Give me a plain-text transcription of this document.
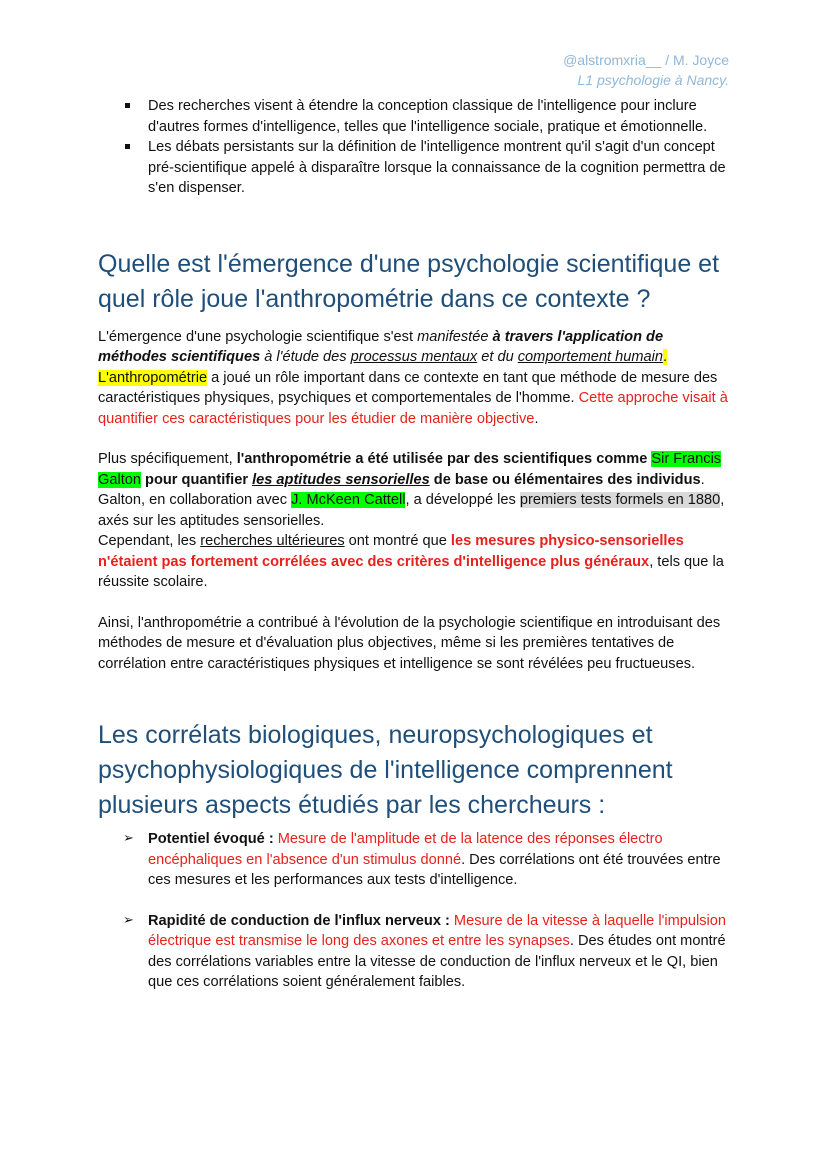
@alstromxria__ / M. Joyce
L1 psychologie à Nancy.
Des recherches visent à étendre la conception classique de l'intelligence pour inclure d'autres formes d'intelligence, telles que l'intelligence sociale, pratique et émotionnelle.
Les débats persistants sur la définition de l'intelligence montrent qu'il s'agit d'un concept pré-scientifique appelé à disparaître lorsque la connaissance de la cognition permettra de s'en dispenser.
Quelle est l'émergence d'une psychologie scientifique et quel rôle joue l'anthropométrie dans ce contexte ?

L'émergence d'une psychologie scientifique s'est manifestée à travers l'application de méthodes scientifiques à l'étude des processus mentaux et du comportement humain. L'anthropométrie a joué un rôle important dans ce contexte en tant que méthode de mesure des caractéristiques physiques, psychiques et comportementales de l'homme. Cette approche visait à quantifier ces caractéristiques pour les étudier de manière objective.

Plus spécifiquement, l'anthropométrie a été utilisée par des scientifiques comme Sir Francis Galton pour quantifier les aptitudes sensorielles de base ou élémentaires des individus. Galton, en collaboration avec J. McKeen Cattell, a développé les premiers tests formels en 1880, axés sur les aptitudes sensorielles.
Cependant, les recherches ultérieures ont montré que les mesures physico-sensorielles n'étaient pas fortement corrélées avec des critères d'intelligence plus généraux, tels que la réussite scolaire.

Ainsi, l'anthropométrie a contribué à l'évolution de la psychologie scientifique en introduisant des méthodes de mesure et d'évaluation plus objectives, même si les premières tentatives de corrélation entre caractéristiques physiques et intelligence se sont révélées peu fructueuses.

Les corrélats biologiques, neuropsychologiques et psychophysiologiques de l'intelligence comprennent plusieurs aspects étudiés par les chercheurs :
➢ Potentiel évoqué : Mesure de l'amplitude et de la latence des réponses électro encéphaliques en l'absence d'un stimulus donné. Des corrélations ont été trouvées entre ces mesures et les performances aux tests d'intelligence.
➢ Rapidité de conduction de l'influx nerveux : Mesure de la vitesse à laquelle l'impulsion électrique est transmise le long des axones et entre les synapses. Des études ont montré des corrélations variables entre la vitesse de conduction de l'influx nerveux et le QI, bien que ces corrélations soient généralement faibles.
